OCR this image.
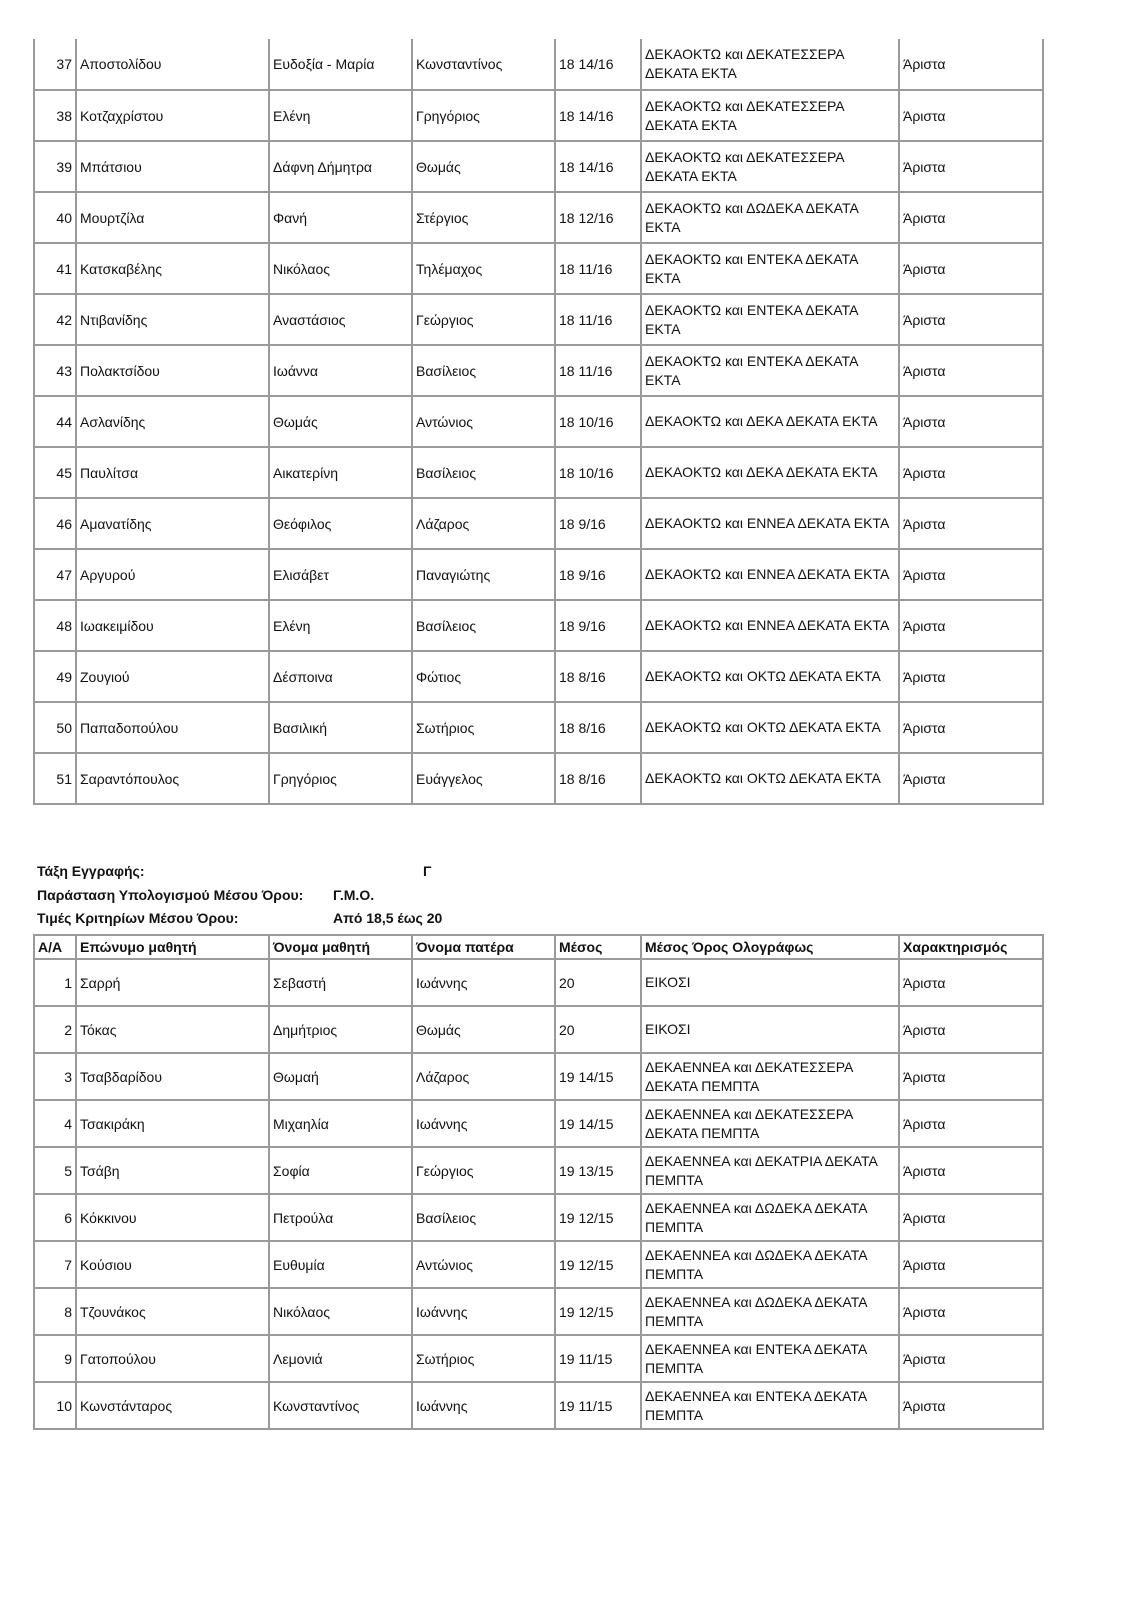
37	Αποστολίδου	Ευδοξία - Μαρία	Κωνσταντίνος	18 14/16	ΔΕΚΑΟΚΤΩ και ΔΕΚΑΤΕΣΣΕΡΑ ΔΕΚΑΤΑ ΕΚΤΑ	Άριστα
38	Κοτζαχρίστου	Ελένη	Γρηγόριος	18 14/16	ΔΕΚΑΟΚΤΩ και ΔΕΚΑΤΕΣΣΕΡΑ ΔΕΚΑΤΑ ΕΚΤΑ	Άριστα
39	Μπάτσιου	Δάφνη Δήμητρα	Θωμάς	18 14/16	ΔΕΚΑΟΚΤΩ και ΔΕΚΑΤΕΣΣΕΡΑ ΔΕΚΑΤΑ ΕΚΤΑ	Άριστα
40	Μουρτζίλα	Φανή	Στέργιος	18 12/16	ΔΕΚΑΟΚΤΩ και ΔΩΔΕΚΑ ΔΕΚΑΤΑ ΕΚΤΑ	Άριστα
41	Κατσκαβέλης	Νικόλαος	Τηλέμαχος	18 11/16	ΔΕΚΑΟΚΤΩ και ΕΝΤΕΚΑ ΔΕΚΑΤΑ ΕΚΤΑ	Άριστα
42	Ντιβανίδης	Αναστάσιος	Γεώργιος	18 11/16	ΔΕΚΑΟΚΤΩ και ΕΝΤΕΚΑ ΔΕΚΑΤΑ ΕΚΤΑ	Άριστα
43	Πολακτσίδου	Ιωάννα	Βασίλειος	18 11/16	ΔΕΚΑΟΚΤΩ και ΕΝΤΕΚΑ ΔΕΚΑΤΑ ΕΚΤΑ	Άριστα
44	Ασλανίδης	Θωμάς	Αντώνιος	18 10/16	ΔΕΚΑΟΚΤΩ και ΔΕΚΑ ΔΕΚΑΤΑ ΕΚΤΑ	Άριστα
45	Παυλίτσα	Αικατερίνη	Βασίλειος	18 10/16	ΔΕΚΑΟΚΤΩ και ΔΕΚΑ ΔΕΚΑΤΑ ΕΚΤΑ	Άριστα
46	Αμανατίδης	Θεόφιλος	Λάζαρος	18 9/16	ΔΕΚΑΟΚΤΩ και ΕΝΝΕΑ ΔΕΚΑΤΑ ΕΚΤΑ	Άριστα
47	Αργυρού	Ελισάβετ	Παναγιώτης	18 9/16	ΔΕΚΑΟΚΤΩ και ΕΝΝΕΑ ΔΕΚΑΤΑ ΕΚΤΑ	Άριστα
48	Ιωακειμίδου	Ελένη	Βασίλειος	18 9/16	ΔΕΚΑΟΚΤΩ και ΕΝΝΕΑ ΔΕΚΑΤΑ ΕΚΤΑ	Άριστα
49	Ζουγιού	Δέσποινα	Φώτιος	18 8/16	ΔΕΚΑΟΚΤΩ και ΟΚΤΩ ΔΕΚΑΤΑ ΕΚΤΑ	Άριστα
50	Παπαδοπούλου	Βασιλική	Σωτήριος	18 8/16	ΔΕΚΑΟΚΤΩ και ΟΚΤΩ ΔΕΚΑΤΑ ΕΚΤΑ	Άριστα
51	Σαραντόπουλος	Γρηγόριος	Ευάγγελος	18 8/16	ΔΕΚΑΟΚΤΩ και ΟΚΤΩ ΔΕΚΑΤΑ ΕΚΤΑ	Άριστα
Τάξη Εγγραφής:	Γ
Παράσταση Υπολογισμού Μέσου Όρου: Γ.Μ.Ο.
Τιμές Κριτηρίων Μέσου Όρου:	Από 18,5 έως 20
Α/Α	Επώνυμο μαθητή	Όνομα μαθητή	Όνομα πατέρα	Μέσος	Μέσος Όρος Ολογράφως	Χαρακτηρισμός
1	Σαρρή	Σεβαστή	Ιωάννης	20	ΕΙΚΟΣΙ	Άριστα
2	Τόκας	Δημήτριος	Θωμάς	20	ΕΙΚΟΣΙ	Άριστα
3	Τσαβδαρίδου	Θωμαή	Λάζαρος	19 14/15	ΔΕΚΑΕΝΝΕΑ και ΔΕΚΑΤΕΣΣΕΡΑ ΔΕΚΑΤΑ ΠΕΜΠΤΑ	Άριστα
4	Τσακιράκη	Μιχαηλία	Ιωάννης	19 14/15	ΔΕΚΑΕΝΝΕΑ και ΔΕΚΑΤΕΣΣΕΡΑ ΔΕΚΑΤΑ ΠΕΜΠΤΑ	Άριστα
5	Τσάβη	Σοφία	Γεώργιος	19 13/15	ΔΕΚΑΕΝΝΕΑ και ΔΕΚΑΤΡΙΑ ΔΕΚΑΤΑ ΠΕΜΠΤΑ	Άριστα
6	Κόκκινου	Πετρούλα	Βασίλειος	19 12/15	ΔΕΚΑΕΝΝΕΑ και ΔΩΔΕΚΑ ΔΕΚΑΤΑ ΠΕΜΠΤΑ	Άριστα
7	Κούσιου	Ευθυμία	Αντώνιος	19 12/15	ΔΕΚΑΕΝΝΕΑ και ΔΩΔΕΚΑ ΔΕΚΑΤΑ ΠΕΜΠΤΑ	Άριστα
8	Τζουνάκος	Νικόλαος	Ιωάννης	19 12/15	ΔΕΚΑΕΝΝΕΑ και ΔΩΔΕΚΑ ΔΕΚΑΤΑ ΠΕΜΠΤΑ	Άριστα
9	Γατοπούλου	Λεμονιά	Σωτήριος	19 11/15	ΔΕΚΑΕΝΝΕΑ και ΕΝΤΕΚΑ ΔΕΚΑΤΑ ΠΕΜΠΤΑ	Άριστα
10	Κωνστάνταρος	Κωνσταντίνος	Ιωάννης	19 11/15	ΔΕΚΑΕΝΝΕΑ και ΕΝΤΕΚΑ ΔΕΚΑΤΑ ΠΕΜΠΤΑ	Άριστα
